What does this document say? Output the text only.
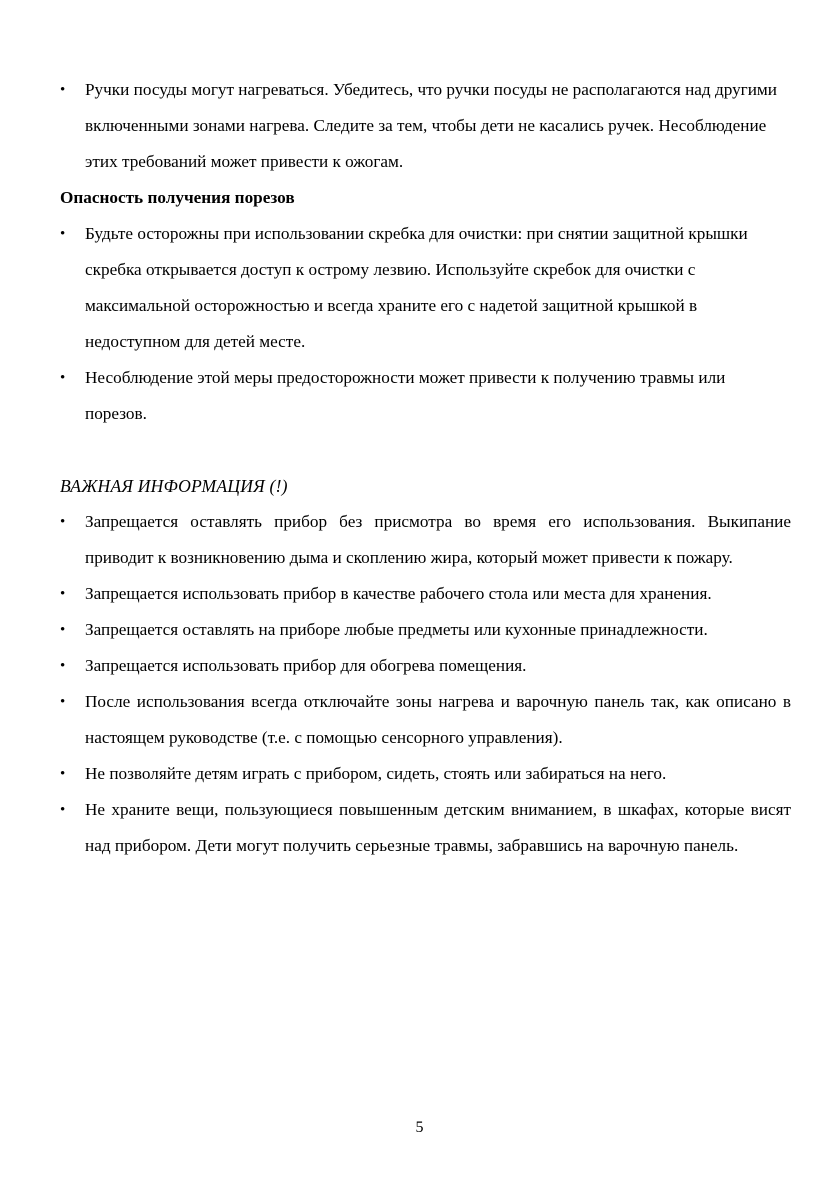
•	Ручки посуды могут нагреваться. Убедитесь, что ручки посуды не располагаются над другими включенными зонами нагрева. Следите за тем, чтобы дети не касались ручек. Несоблюдение этих требований может привести к ожогам.
Опасность получения порезов
•	Будьте осторожны при использовании скребка для очистки: при снятии защитной крышки скребка открывается доступ к острому лезвию. Используйте скребок для очистки с максимальной осторожностью и всегда храните его с надетой защитной крышкой в недоступном для детей месте.
•	Несоблюдение этой меры предосторожности может привести к получению травмы или порезов.
ВАЖНАЯ ИНФОРМАЦИЯ (!)
•	Запрещается оставлять прибор без присмотра во время его использования. Выкипание приводит к возникновению дыма и скоплению жира, который может привести к пожару.
•	Запрещается использовать прибор в качестве рабочего стола или места для хранения.
•	Запрещается оставлять на приборе любые предметы или кухонные принадлежности.
•	Запрещается использовать прибор для обогрева помещения.
•	После использования всегда отключайте зоны нагрева и варочную панель так, как описано в настоящем руководстве (т.е. с помощью сенсорного управления).
•	Не позволяйте детям играть с прибором, сидеть, стоять или забираться на него.
•	Не храните вещи, пользующиеся повышенным детским вниманием, в шкафах, которые висят над прибором. Дети могут получить серьезные травмы, забравшись на варочную панель.
5
